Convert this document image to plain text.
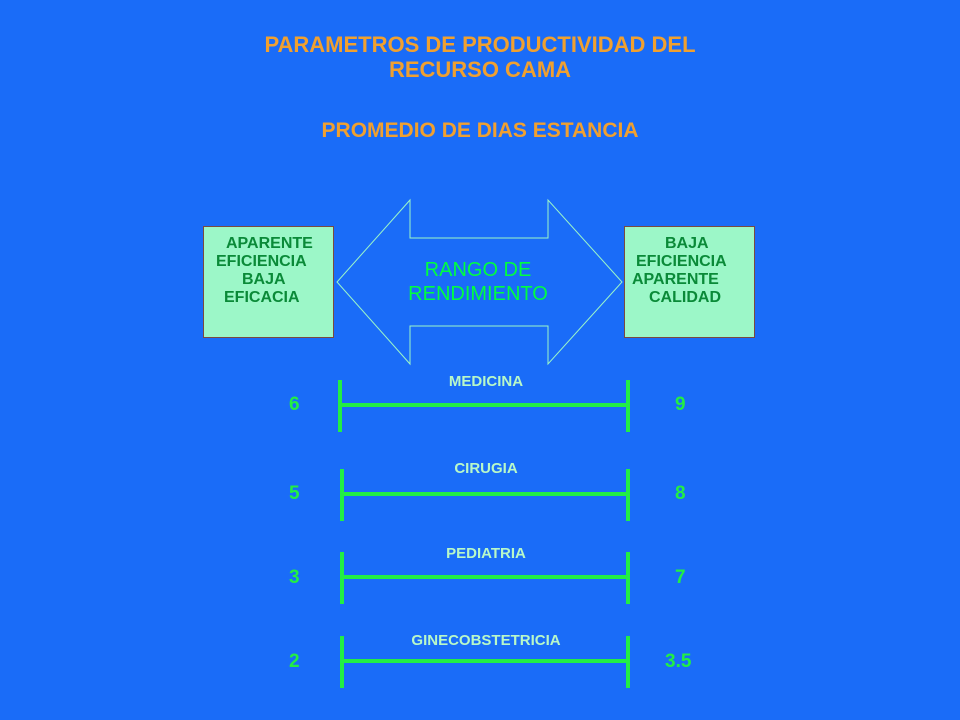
PARAMETROS DE PRODUCTIVIDAD DEL
RECURSO CAMA
PROMEDIO DE DIAS ESTANCIA
APARENTE
EFICIENCIA
BAJA
EFICACIA
BAJA
EFICIENCIA
APARENTE
CALIDAD
RANGO DE
RENDIMIENTO
MEDICINA
6	9
CIRUGIA
5	8
PEDIATRIA
3	7
GINECOBSTETRICIA
2	3.5
